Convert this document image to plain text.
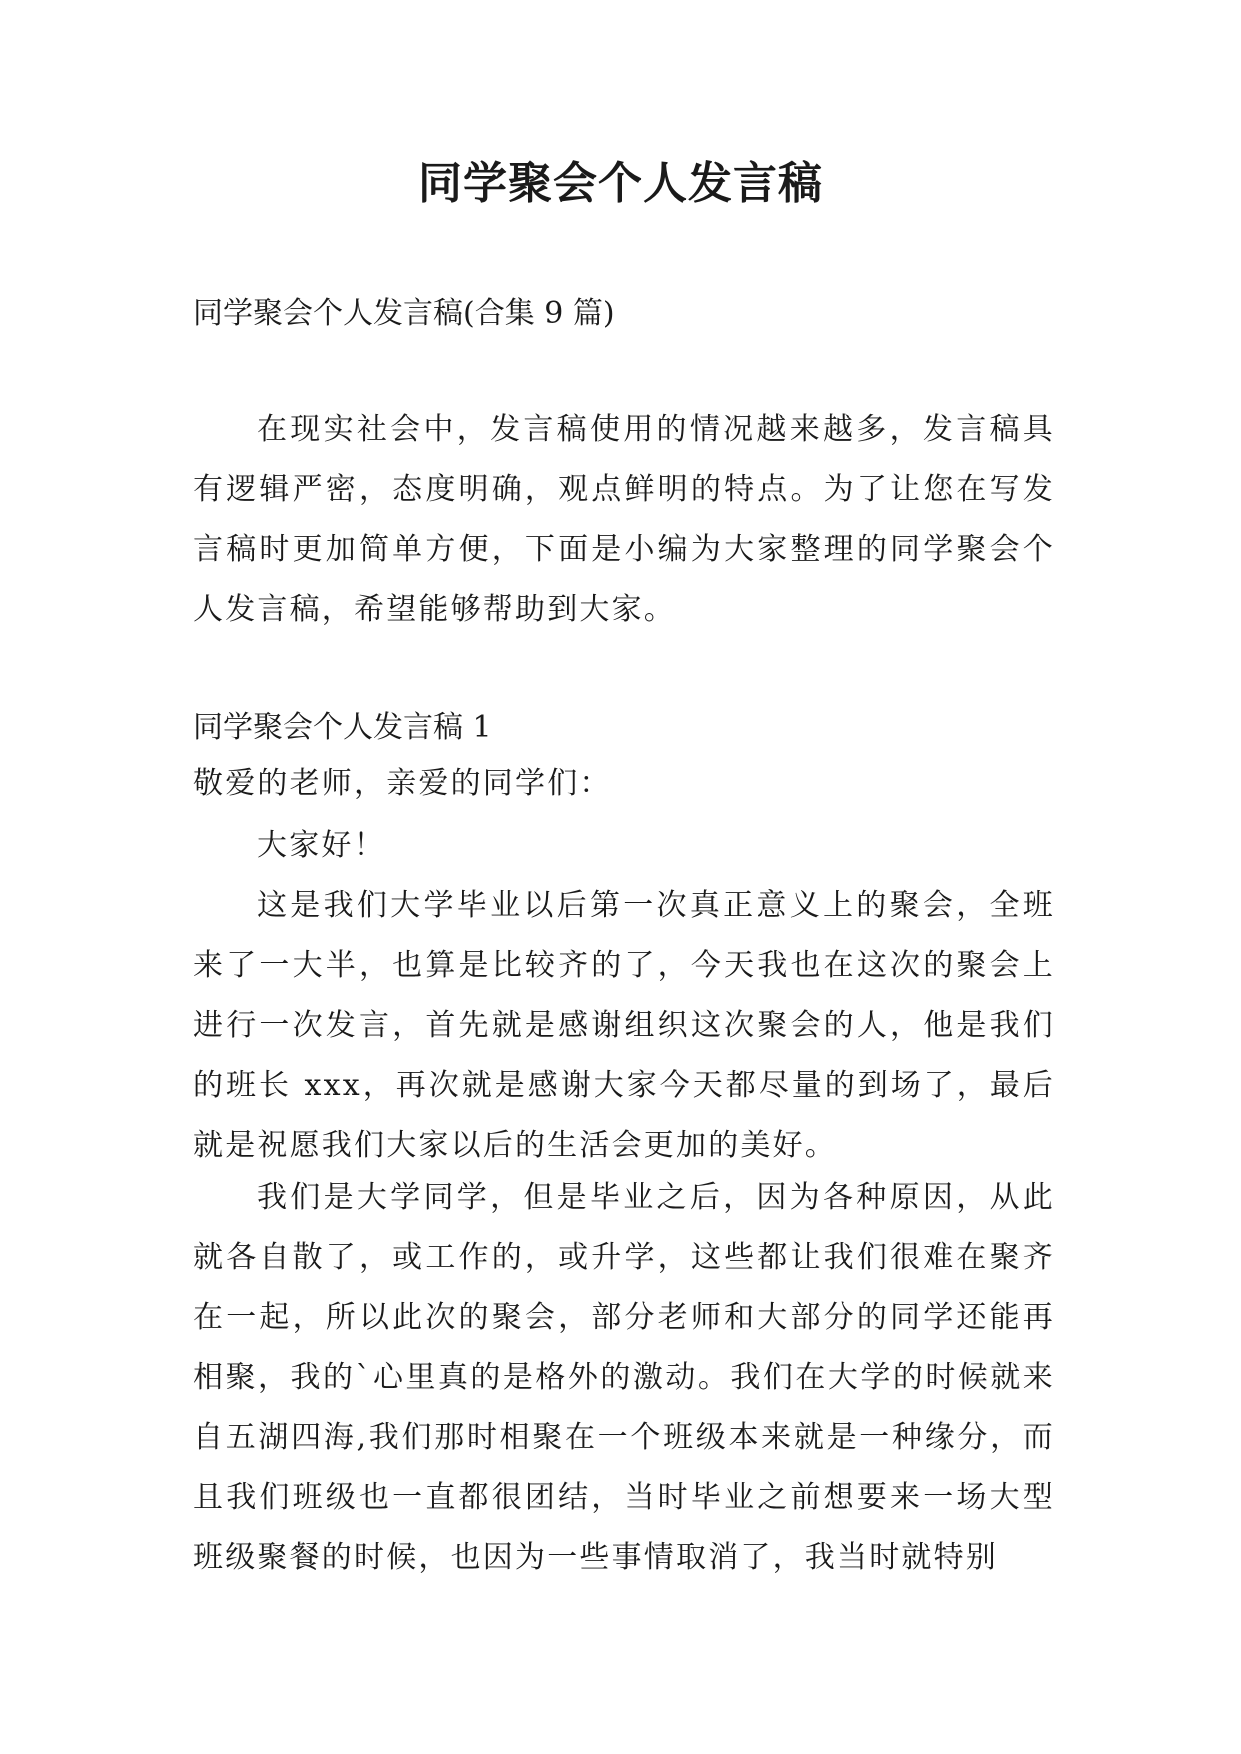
同学聚会个人发言稿
同学聚会个人发言稿(合集 9 篇)

在现实社会中，发言稿使用的情况越来越多，发言稿具有逻辑严密，态度明确，观点鲜明的特点。为了让您在写发言稿时更加简单方便，下面是小编为大家整理的同学聚会个人发言稿，希望能够帮助到大家。

同学聚会个人发言稿 1

敬爱的老师，亲爱的同学们：

大家好！

这是我们大学毕业以后第一次真正意义上的聚会，全班来了一大半，也算是比较齐的了，今天我也在这次的聚会上进行一次发言，首先就是感谢组织这次聚会的人，他是我们的班长 xxx，再次就是感谢大家今天都尽量的到场了，最后就是祝愿我们大家以后的生活会更加的美好。

我们是大学同学，但是毕业之后，因为各种原因，从此就各自散了，或工作的，或升学，这些都让我们很难在聚齐在一起，所以此次的聚会，部分老师和大部分的同学还能再相聚，我的`心里真的是格外的激动。我们在大学的时候就来自五湖四海,我们那时相聚在一个班级本来就是一种缘分，而且我们班级也一直都很团结，当时毕业之前想要来一场大型班级聚餐的时候，也因为一些事情取消了，我当时就特别
